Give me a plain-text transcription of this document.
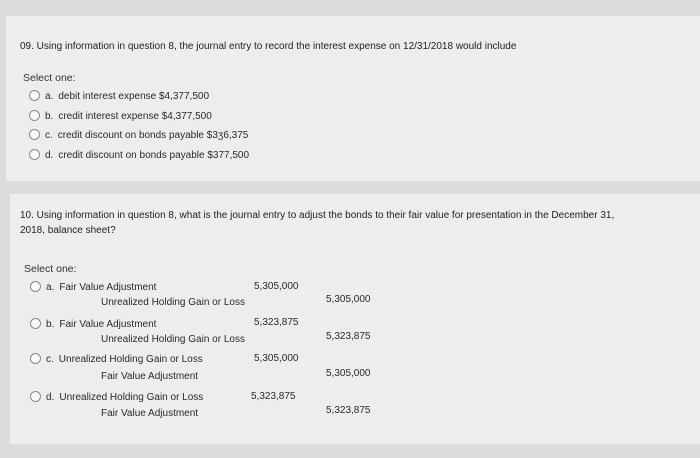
09. Using information in question 8, the journal entry to record the interest expense on 12/31/2018 would include
Select one:
a. debit interest expense $4,377,500
b. credit interest expense $4,377,500
c. credit discount on bonds payable $3ʒ6,375
d. credit discount on bonds payable $377,500
10. Using information in question 8, what is the journal entry to adjust the bonds to their fair value for presentation in the December 31,
2018, balance sheet?
Select one:
a. Fair Value Adjustment	5,305,000
Unrealized Holding Gain or Loss	5,305,000
b. Fair Value Adjustment	5,323,875
Unrealized Holding Gain or Loss	5,323,875
c. Unrealized Holding Gain or Loss	5,305,000
Fair Value Adjustment	5,305,000
d. Unrealized Holding Gain or Loss	5,323,875
Fair Value Adjustment	5,323,875
